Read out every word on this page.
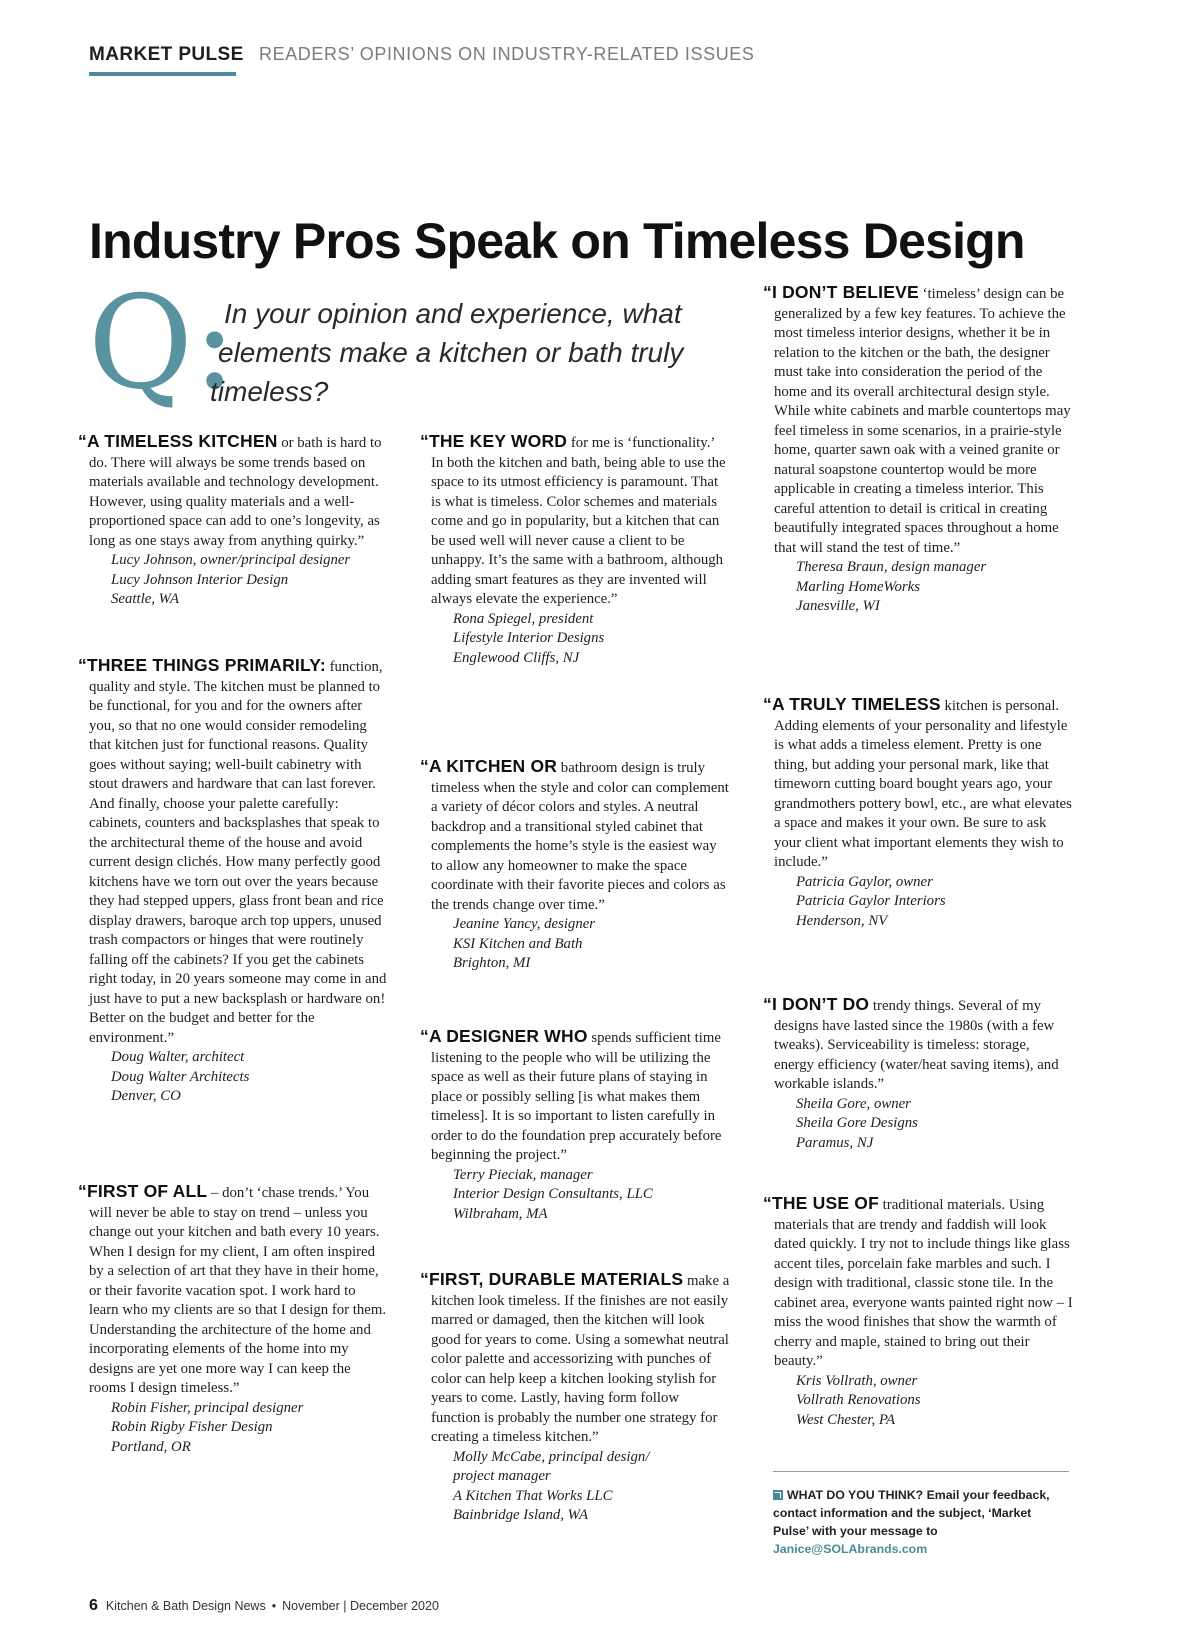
MARKET PULSE READERS’ OPINIONS ON INDUSTRY-RELATED ISSUES
Industry Pros Speak on Timeless Design
Q:
In your opinion and experience, what
elements make a kitchen or bath truly
timeless?

“A TIMELESS KITCHEN or bath is hard to do. There will always be some trends based on materials available and technology development. However, using quality materials and a well-proportioned space can add to one’s longevity, as long as one stays away from anything quirky.”

Lucy Johnson, owner/principal designer
Lucy Johnson Interior Design
Seattle, WA

“THREE THINGS PRIMARILY: function, quality and style. The kitchen must be planned to be functional, for you and for the owners after you, so that no one would consider remodeling that kitchen just for functional reasons. Quality goes without saying; well-built cabinetry with stout drawers and hardware that can last forever. And finally, choose your palette carefully: cabinets, counters and backsplashes that speak to the architectural theme of the house and avoid current design clichés. How many perfectly good kitchens have we torn out over the years because they had stepped uppers, glass front bean and rice display drawers, baroque arch top uppers, unused trash compactors or hinges that were routinely falling off the cabinets? If you get the cabinets right today, in 20 years someone may come in and just have to put a new backsplash or hardware on! Better on the budget and better for the environment.”

Doug Walter, architect
Doug Walter Architects
Denver, CO

“FIRST OF ALL – don’t ‘chase trends.’ You will never be able to stay on trend – unless you change out your kitchen and bath every 10 years. When I design for my client, I am often inspired by a selection of art that they have in their home, or their favorite vacation spot. I work hard to learn who my clients are so that I design for them. Understanding the architecture of the home and incorporating elements of the home into my designs are yet one more way I can keep the rooms I design timeless.”

Robin Fisher, principal designer
Robin Rigby Fisher Design
Portland, OR

“THE KEY WORD for me is ‘functionality.’ In both the kitchen and bath, being able to use the space to its utmost efficiency is paramount. That is what is timeless. Color schemes and materials come and go in popularity, but a kitchen that can be used well will never cause a client to be unhappy. It’s the same with a bathroom, although adding smart features as they are invented will always elevate the experience.”

Rona Spiegel, president
Lifestyle Interior Designs
Englewood Cliffs, NJ

“A KITCHEN OR bathroom design is truly timeless when the style and color can complement a variety of décor colors and styles. A neutral backdrop and a transitional styled cabinet that complements the home’s style is the easiest way to allow any homeowner to make the space coordinate with their favorite pieces and colors as the trends change over time.”

Jeanine Yancy, designer
KSI Kitchen and Bath
Brighton, MI

“A DESIGNER WHO spends sufficient time listening to the people who will be utilizing the space as well as their future plans of staying in place or possibly selling [is what makes them timeless]. It is so important to listen carefully in order to do the foundation prep accurately before beginning the project.”

Terry Pieciak, manager
Interior Design Consultants, LLC
Wilbraham, MA

“FIRST, DURABLE MATERIALS make a kitchen look timeless. If the finishes are not easily marred or damaged, then the kitchen will look good for years to come. Using a somewhat neutral color palette and accessorizing with punches of color can help keep a kitchen looking stylish for years to come. Lastly, having form follow function is probably the number one strategy for creating a timeless kitchen.”

Molly McCabe, principal design/
project manager
A Kitchen That Works LLC
Bainbridge Island, WA

“I DON’T BELIEVE ‘timeless’ design can be generalized by a few key features. To achieve the most timeless interior designs, whether it be in relation to the kitchen or the bath, the designer must take into consideration the period of the home and its overall architectural design style. While white cabinets and marble countertops may feel timeless in some scenarios, in a prairie-style home, quarter sawn oak with a veined granite or natural soapstone countertop would be more applicable in creating a timeless interior. This careful attention to detail is critical in creating beautifully integrated spaces throughout a home that will stand the test of time.”

Theresa Braun, design manager
Marling HomeWorks
Janesville, WI

“A TRULY TIMELESS kitchen is personal. Adding elements of your personality and lifestyle is what adds a timeless element. Pretty is one thing, but adding your personal mark, like that timeworn cutting board bought years ago, your grandmothers pottery bowl, etc., are what elevates a space and makes it your own. Be sure to ask your client what important elements they wish to include.”

Patricia Gaylor, owner
Patricia Gaylor Interiors
Henderson, NV

“I DON’T DO trendy things. Several of my designs have lasted since the 1980s (with a few tweaks). Serviceability is timeless: storage, energy efficiency (water/heat saving items), and workable islands.”

Sheila Gore, owner
Sheila Gore Designs
Paramus, NJ

“THE USE OF traditional materials. Using materials that are trendy and faddish will look dated quickly. I try not to include things like glass accent tiles, porcelain fake marbles and such. I design with traditional, classic stone tile. In the cabinet area, everyone wants painted right now – I miss the wood finishes that show the warmth of cherry and maple, stained to bring out their beauty.”

Kris Vollrath, owner
Vollrath Renovations
West Chester, PA
WHAT DO YOU THINK? Email your feedback, contact information and the subject, ‘Market Pulse’ with your message to Janice@SOLAbrands.com
6 Kitchen & Bath Design News • November | December 2020
